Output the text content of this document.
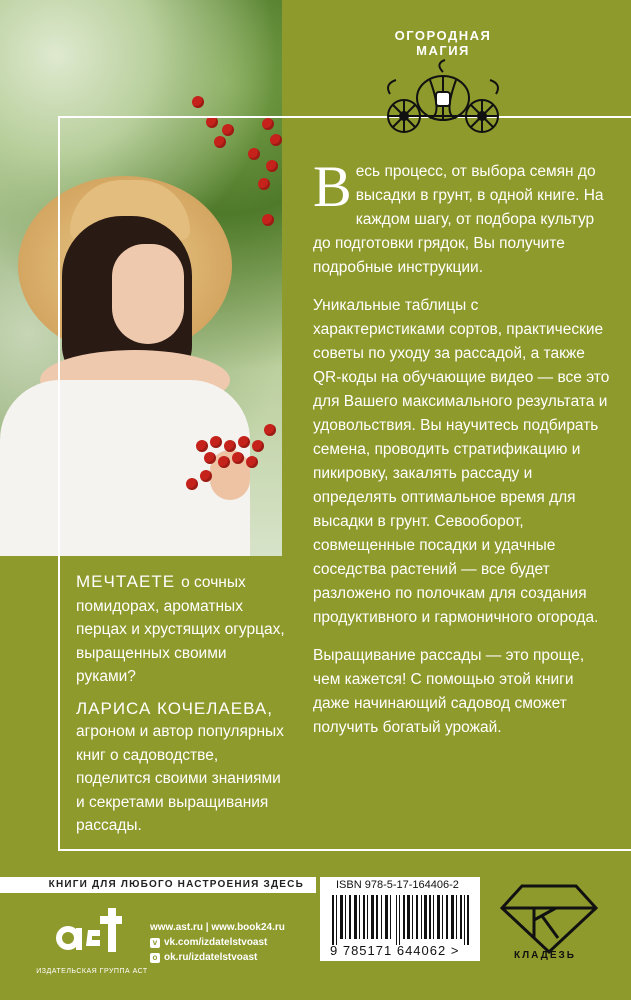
ОГОРОДНАЯ МАГИЯ

Весь процесс, от выбора семян до высадки в грунт, в одной книге. На каждом шагу, от подбора культур до подготовки грядок, Вы получите подробные инструкции.

Уникальные таблицы с характеристиками сортов, практические советы по уходу за рассадой, а также QR-коды на обучающие видео — все это для Вашего максимального результата и удовольствия. Вы научитесь подбирать семена, проводить стратификацию и пикировку, закалять рассаду и определять оптимальное время для высадки в грунт. Севооборот, совмещенные посадки и удачные соседства растений — все будет разложено по полочкам для создания продуктивного и гармоничного огорода.

Выращивание рассады — это проще, чем кажется! С помощью этой книги даже начинающий садовод сможет получить богатый урожай.

МЕЧТАЕТЕ о сочных помидорах, ароматных перцах и хрустящих огурцах, выращенных своими руками?

ЛАРИСА КОЧЕЛАЕВА,
агроном и автор популярных книг о садоводстве, поделится своими знаниями и секретами выращивания рассады.

КНИГИ ДЛЯ ЛЮБОГО НАСТРОЕНИЯ ЗДЕСЬ
ИЗДАТЕЛЬСКАЯ ГРУППА АСТ
www.ast.ru | www.book24.ru
v vk.com/izdatelstvoast
o ok.ru/izdatelstvoast
ISBN 978-5-17-164406-2
9 785171 644062 >	КЛАДЕЗЬ
